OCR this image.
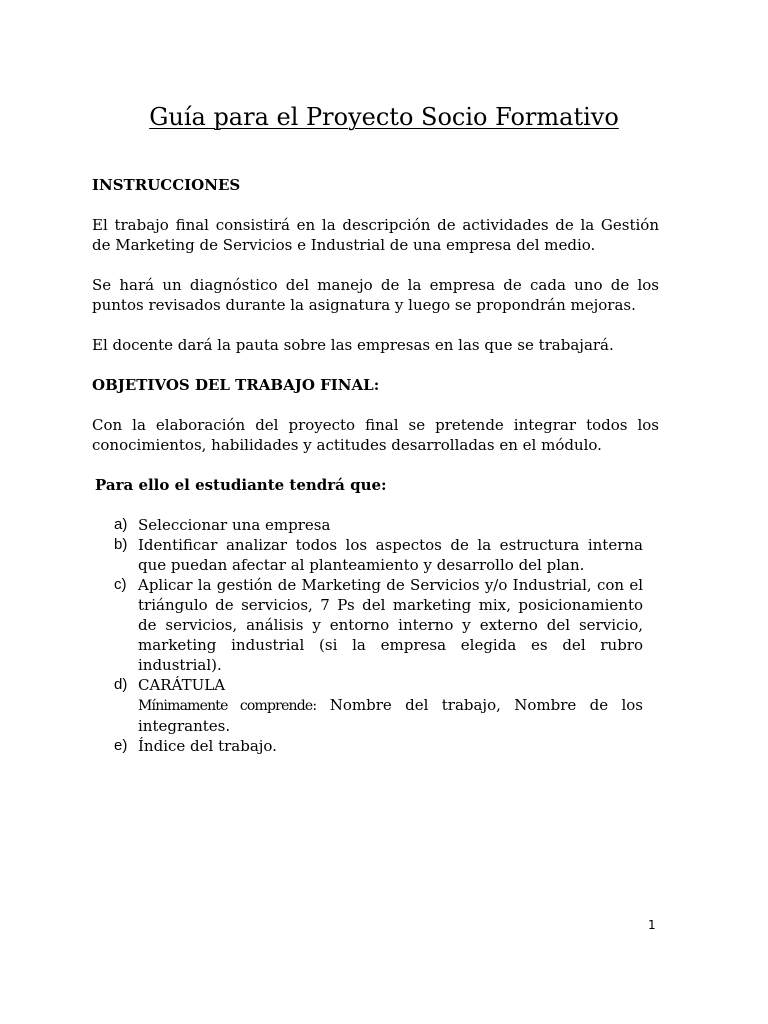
Guía para el Proyecto Socio Formativo
INSTRUCCIONES
El trabajo final consistirá en la descripción de actividades de la Gestión de Marketing de Servicios e Industrial de una empresa del medio.
Se hará un diagnóstico del manejo de la empresa de cada uno de los puntos revisados durante la asignatura y luego se propondrán mejoras.
El docente dará la pauta sobre las empresas en las que se trabajará.
OBJETIVOS DEL TRABAJO FINAL:
Con la elaboración del proyecto final se pretende integrar todos los conocimientos, habilidades y actitudes desarrolladas en el módulo.
Para ello el estudiante tendrá que:
a) Seleccionar una empresa
b) Identificar analizar todos los aspectos de la estructura interna que puedan afectar al planteamiento y desarrollo del plan.
c) Aplicar la gestión de Marketing de Servicios y/o Industrial, con el triángulo de servicios, 7 Ps del marketing mix, posicionamiento de servicios, análisis y entorno interno y externo del servicio, marketing industrial (si la empresa elegida es del rubro industrial).
d) CARÁTULA
Mínimamente comprende: Nombre del trabajo, Nombre de los integrantes.
e) Índice del trabajo.
1
